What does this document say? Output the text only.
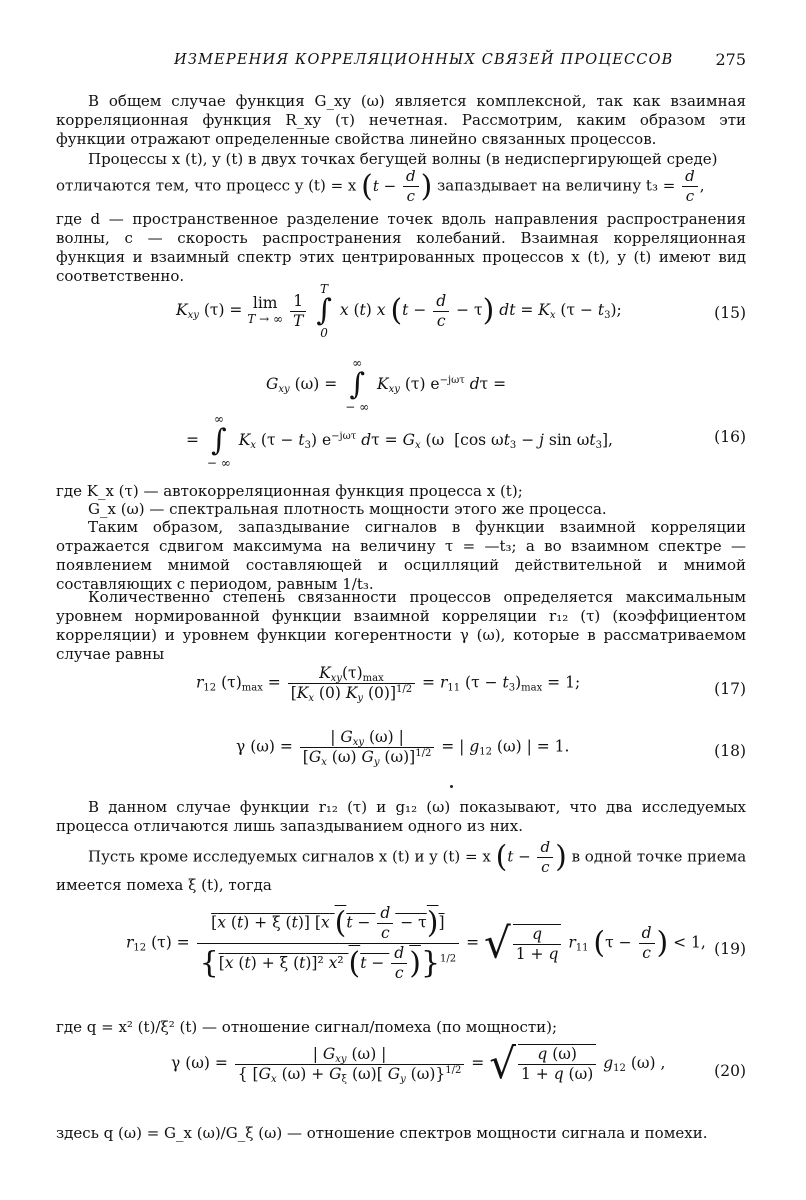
ИЗМЕРЕНИЯ КОРРЕЛЯЦИОННЫХ СВЯЗЕЙ ПРОЦЕССОВ	275
В общем случае функция G_xy (ω) является комплексной, так как взаимная корреляционная функция R_xy (τ) нечетная. Рассмотрим, каким образом эти функции отражают определенные свойства линейно связанных процессов.
Процессы x (t), y (t) в двух точках бегущей волны (в недиспергирующей среде)
отличаются тем, что процесс y (t) = x ($t - \frac{d}{c}$ ) запаздывает на величину $t_3 = \frac{d}{c}$ ,
где d — пространственное разделение точек вдоль направления распространения волны, c — скорость распространения колебаний. Взаимная корреляционная функция и взаимный спектр этих центрированных процессов x (t), y (t) имеют вид соответственно.
$K_{xy}$ (τ) = lim
T → ∞
$\frac{1}{T}$

T
∫
0
x (t) x $(t - \frac{d}{c} - \tau)$ dt = $K_x$ $(\tau - t_3)$;	(15)
$G_{xy}$ (ω) =
∞
∫
− ∞
$K_{xy}$ (τ) $e^{-j\omega\tau}$ dτ =
=
∞
∫
− ∞
$K_x$ $(\tau - t_3)$ $e^{-j\omega\tau}$ $d\tau = G_x$ (ω  [cos $\omega t_3 - j$ $\sin \omega t_3$],	(16)
где K_x (τ) — автокорреляционная функция процесса x (t);
G_x (ω) — спектральная плотность мощности этого же процесса.
Таким образом, запаздывание сигналов в функции взаимной корреляции отражается сдвигом максимума на величину τ = —t₃; а во взаимном спектре — появлением мнимой составляющей и осцилляций действительной и мнимой составляющих с периодом, равным 1/t₃.
Количественно степень связанности процессов определяется максимальным уровнем нормированной функции взаимной корреляции r₁₂ (τ) (коэффициентом корреляции) и уровнем функции когерентности γ (ω), которые в рассматриваемом случае равны
$r_{12}$ $(\tau)_{max} = \frac{K_{xy}(\tau)_{max}}{[K_x (0) K_y (0)]^{1/2}} = r_{11}$ $(\tau - t_3)_{max} = 1$;	(17)
γ $(\omega) = \frac{| G_{xy} (\omega) |}{[G_x (\omega) G_y (\omega)]^{1/2}}$ = | $g_{12}$ (ω) | = 1.	(18)
В данном случае функции r₁₂ (τ) и g₁₂ (ω) показывают, что два исследуемых процесса отличаются лишь запаздыванием одного из них.
Пусть кроме исследуемых сигналов x (t) и y (t) = x ($t - \frac{d}{c}$ ) в одной точке приема
имеется помеха ξ (t), тогда
$r_{12}$ $(\tau) = \frac{[x (t) + \xi (t)] [x (t - \frac{d}{c} - \tau)]}{\{[x (t) + \xi (t)]^2 x^2 (t - \frac{d}{c} )\}^{1/2}}$ = √ $\frac{q}{1 + q} r_{11}$ ($\tau - \frac{d}{c}$ ) < 1, (19)
где q = x² (t)/ξ² (t) — отношение сигнал/помеха (по мощности);
γ $(\omega) = \frac{| G_{xy} (\omega) |}{\{ [G_x (\omega) + G_\xi (\omega)[ G_y (\omega)\}^{1/2}}$ = √ $\frac{q (\omega)}{1 + q (\omega)} g_{12}$ (ω) ,	(20)
здесь q (ω) = G_x (ω)/G_ξ (ω) — отношение спектров мощности сигнала и помехи.
